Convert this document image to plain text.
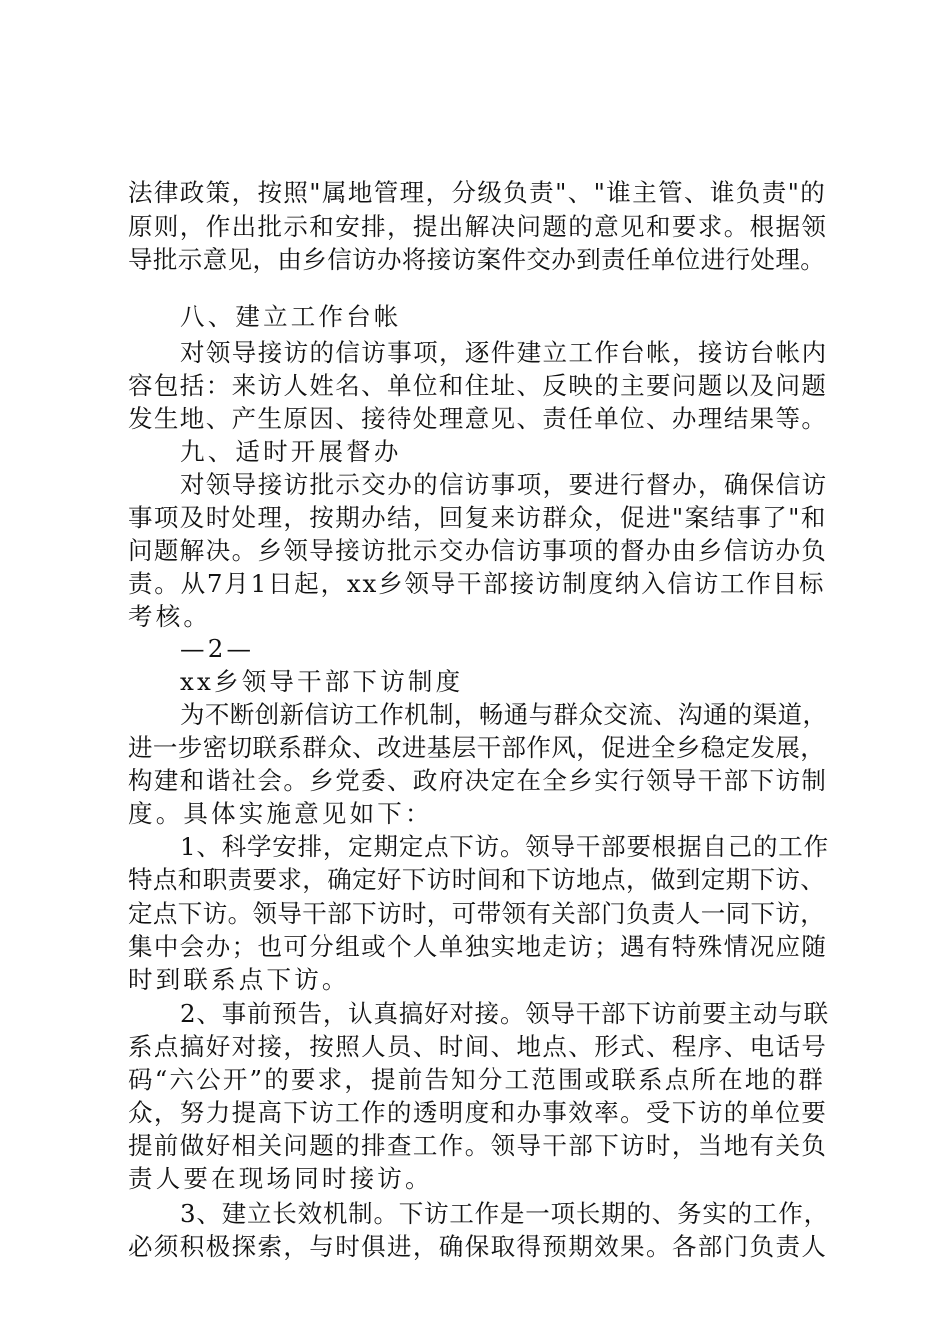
法律政策，按照"属地管理，分级负责"、"谁主管、谁负责"的
原则，作出批示和安排，提出解决问题的意见和要求。根据领
导批示意见，由乡信访办将接访案件交办到责任单位进行处理。
八、建立工作台帐
对领导接访的信访事项，逐件建立工作台帐，接访台帐内
容包括：来访人姓名、单位和住址、反映的主要问题以及问题
发生地、产生原因、接待处理意见、责任单位、办理结果等。
九、适时开展督办
对领导接访批示交办的信访事项，要进行督办，确保信访
事项及时处理，按期办结，回复来访群众，促进"案结事了"和
问题解决。乡领导接访批示交办信访事项的督办由乡信访办负
责。从7月1日起，xx乡领导干部接访制度纳入信访工作目标
考核。
—2—
xx乡领导干部下访制度
为不断创新信访工作机制，畅通与群众交流、沟通的渠道，
进一步密切联系群众、改进基层干部作风，促进全乡稳定发展，
构建和谐社会。乡党委、政府决定在全乡实行领导干部下访制
度。具体实施意见如下：
1、科学安排，定期定点下访。领导干部要根据自己的工作
特点和职责要求，确定好下访时间和下访地点，做到定期下访、
定点下访。领导干部下访时，可带领有关部门负责人一同下访，
集中会办；也可分组或个人单独实地走访；遇有特殊情况应随
时到联系点下访。
2、事前预告，认真搞好对接。领导干部下访前要主动与联
系点搞好对接，按照人员、时间、地点、形式、程序、电话号
码“六公开”的要求，提前告知分工范围或联系点所在地的群
众，努力提高下访工作的透明度和办事效率。受下访的单位要
提前做好相关问题的排查工作。领导干部下访时，当地有关负
责人要在现场同时接访。
3、建立长效机制。下访工作是一项长期的、务实的工作，
必须积极探索，与时俱进，确保取得预期效果。各部门负责人
